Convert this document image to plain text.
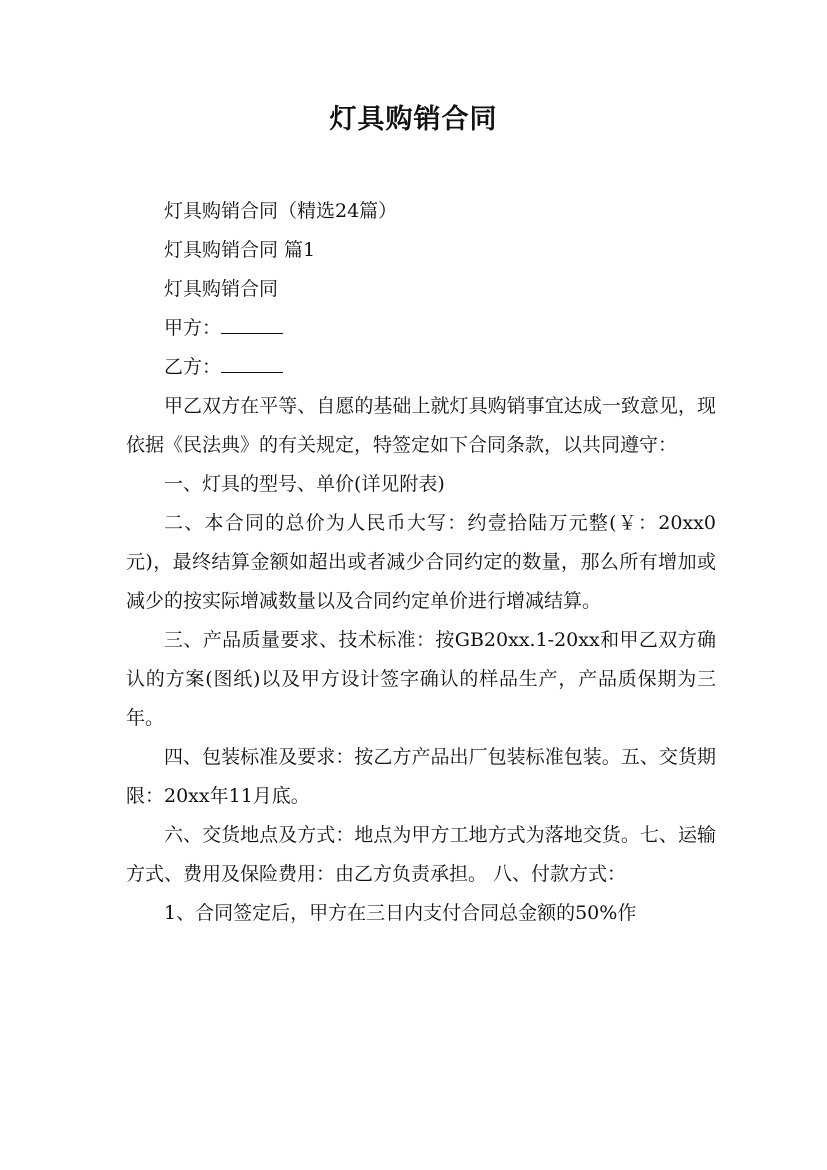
灯具购销合同

灯具购销合同（精选24篇）

灯具购销合同 篇1

灯具购销合同

甲方：

乙方：

甲乙双方在平等、自愿的基础上就灯具购销事宜达成一致意见，现依据《民法典》的有关规定，特签定如下合同条款，以共同遵守：

一、灯具的型号、单价(详见附表)

二、本合同的总价为人民币大写：约壹拾陆万元整(￥：20xx0元)，最终结算金额如超出或者减少合同约定的数量，那么所有增加或减少的按实际增减数量以及合同约定单价进行增减结算。

三、产品质量要求、技术标准：按GB20xx.1-20xx和甲乙双方确认的方案(图纸)以及甲方设计签字确认的样品生产，产品质保期为三年。

四、包装标准及要求：按乙方产品出厂包装标准包装。五、交货期限：20xx年11月底。

六、交货地点及方式：地点为甲方工地方式为落地交货。七、运输方式、费用及保险费用：由乙方负责承担。 八、付款方式：

1、合同签定后，甲方在三日内支付合同总金额的50%作
